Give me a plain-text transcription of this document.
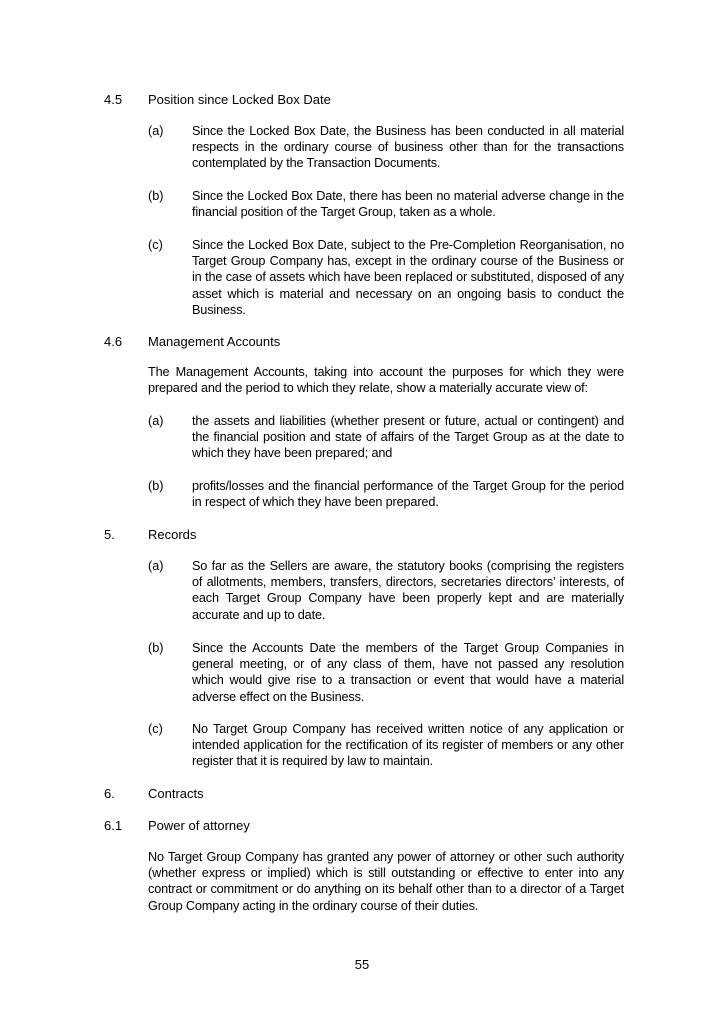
4.5 Position since Locked Box Date
(a) Since the Locked Box Date, the Business has been conducted in all material respects in the ordinary course of business other than for the transactions contemplated by the Transaction Documents.
(b) Since the Locked Box Date, there has been no material adverse change in the financial position of the Target Group, taken as a whole.
(c) Since the Locked Box Date, subject to the Pre-Completion Reorganisation, no Target Group Company has, except in the ordinary course of the Business or in the case of assets which have been replaced or substituted, disposed of any asset which is material and necessary on an ongoing basis to conduct the Business.
4.6 Management Accounts
The Management Accounts, taking into account the purposes for which they were prepared and the period to which they relate, show a materially accurate view of:
(a) the assets and liabilities (whether present or future, actual or contingent) and the financial position and state of affairs of the Target Group as at the date to which they have been prepared; and
(b) profits/losses and the financial performance of the Target Group for the period in respect of which they have been prepared.
5.	Records
(a) So far as the Sellers are aware, the statutory books (comprising the registers of allotments, members, transfers, directors, secretaries directors’ interests, of each Target Group Company have been properly kept and are materially accurate and up to date.
(b) Since the Accounts Date the members of the Target Group Companies in general meeting, or of any class of them, have not passed any resolution which would give rise to a transaction or event that would have a material adverse effect on the Business.
(c) No Target Group Company has received written notice of any application or intended application for the rectification of its register of members or any other register that it is required by law to maintain.
6.	Contracts
6.1 Power of attorney
No Target Group Company has granted any power of attorney or other such authority (whether express or implied) which is still outstanding or effective to enter into any contract or commitment or do anything on its behalf other than to a director of a Target Group Company acting in the ordinary course of their duties.
55
